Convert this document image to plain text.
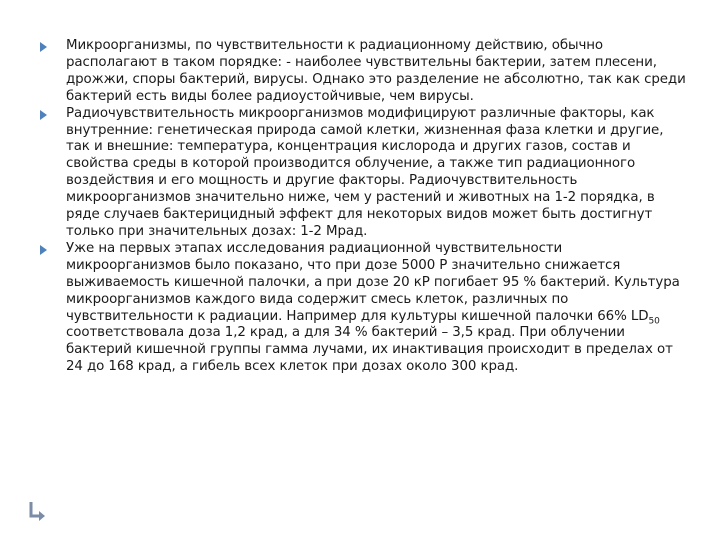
Микроорганизмы, по чувствительности к радиационному действию, обычно располагают в таком порядке: - наиболее чувствительны бактерии, затем плесени, дрожжи, споры бактерий, вирусы. Однако это разделение не абсолютно, так как среди бактерий есть виды более радиоустойчивые, чем вирусы.
Радиочувствительность микроорганизмов модифицируют различные факторы, как внутренние: генетическая природа самой клетки, жизненная фаза клетки и другие, так и внешние: температура, концентрация кислорода и других газов, состав и свойства среды в которой производится облучение, а также тип радиационного воздействия и его мощность и другие факторы. Радиочувствительность микроорганизмов значительно ниже, чем у растений и животных на 1-2 порядка, в ряде случаев бактерицидный эффект для некоторых видов может быть достигнут только при значительных дозах: 1-2 Мрад.
Уже на первых этапах исследования радиационной чувствительности микроорганизмов было показано, что при дозе 5000 Р значительно снижается выживаемость кишечной палочки, а при дозе 20 кР погибает 95 % бактерий. Культура микроорганизмов каждого вида содержит смесь клеток, различных по чувствительности к радиации. Например для культуры кишечной палочки 66% $LD_{50}$ соответствовала доза 1,2 крад, а для 34 % бактерий – 3,5 крад. При облучении бактерий кишечной группы гамма лучами, их инактивация происходит в пределах от 24 до 168 крад, а гибель всех клеток при дозах около 300 крад.
